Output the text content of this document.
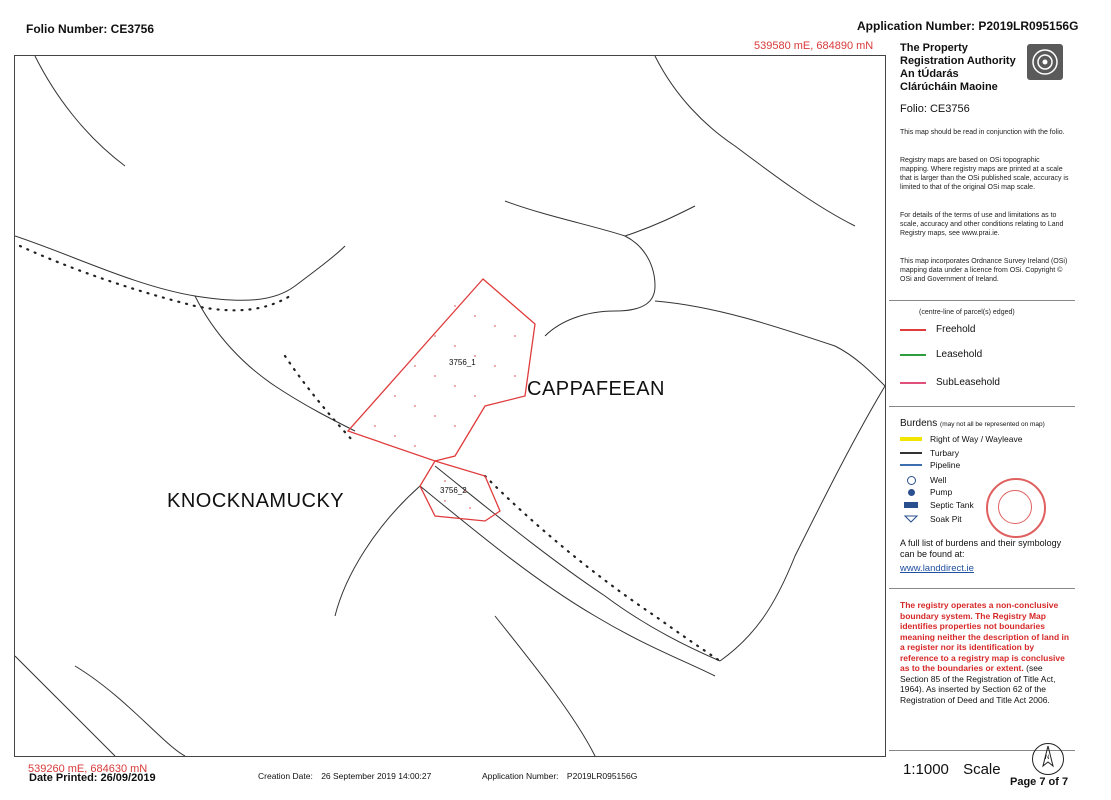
Folio Number: CE3756	Application Number: P2019LR095156G
539580 mE, 684890 mN
CAPPAFEEAN
KNOCKNAMUCKY
3756_1
3756_2
539260 mE, 684630 mN
The Property
Registration Authority
An tÚdarás
Clárúcháin Maoine
Folio: CE3756
This map should be read in conjunction with the folio.
Registry maps are based on OSi topographic mapping. Where registry maps are printed at a scale that is larger than the OSi published scale, accuracy is limited to that of the original OSi map scale.
For details of the terms of use and limitations as to scale, accuracy and other conditions relating to Land Registry maps, see www.prai.ie.
This map incorporates Ordnance Survey Ireland (OSi) mapping data under a licence from OSi. Copyright © OSi and Government of Ireland.
(centre-line of parcel(s) edged)
Freehold
Leasehold
SubLeasehold
Burdens (may not all be represented on map)
Right of Way / Wayleave
Turbary
Pipeline
Well
Pump
Septic Tank
Soak Pit
A full list of burdens and their symbology can be found at:
www.landdirect.ie
The registry operates a non-conclusive boundary system. The Registry Map identifies properties not boundaries meaning neither the description of land in a register nor its identification by reference to a registry map is conclusive as to the boundaries or extent. (see Section 85 of the Registration of Title Act, 1964). As inserted by Section 62 of the Registration of Deed and Title Act 2006.
1:1000 Scale
N
Page 7 of 7
Date Printed: 26/09/2019	Creation Date: 26 September 2019 14:00:27	Application Number: P2019LR095156G
